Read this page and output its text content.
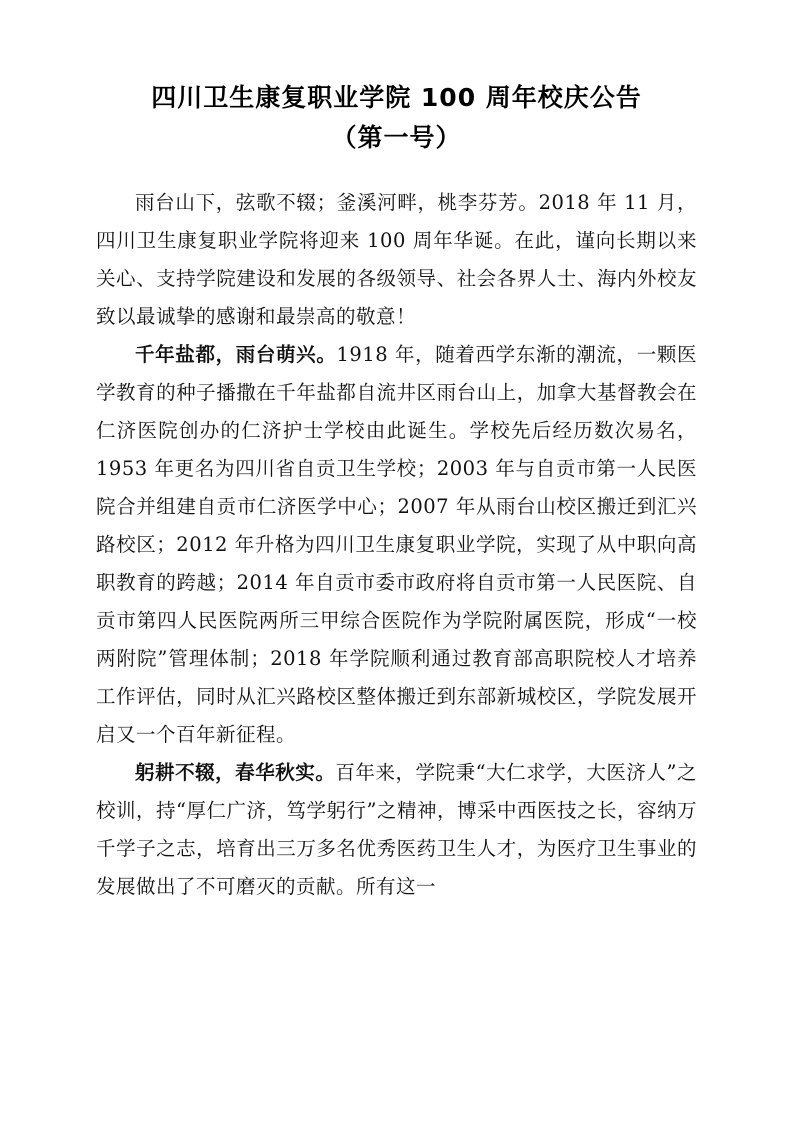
四川卫生康复职业学院 100 周年校庆公告
（第一号）

雨台山下，弦歌不辍；釜溪河畔，桃李芬芳。2018 年 11 月，四川卫生康复职业学院将迎来 100 周年华诞。在此，谨向长期以来关心、支持学院建设和发展的各级领导、社会各界人士、海内外校友致以最诚挚的感谢和最崇高的敬意！

千年盐都，雨台萌兴。1918 年，随着西学东渐的潮流，一颗医学教育的种子播撒在千年盐都自流井区雨台山上，加拿大基督教会在仁济医院创办的仁济护士学校由此诞生。学校先后经历数次易名，1953 年更名为四川省自贡卫生学校；2003 年与自贡市第一人民医院合并组建自贡市仁济医学中心；2007 年从雨台山校区搬迁到汇兴路校区；2012 年升格为四川卫生康复职业学院，实现了从中职向高职教育的跨越；2014 年自贡市委市政府将自贡市第一人民医院、自贡市第四人民医院两所三甲综合医院作为学院附属医院，形成“一校两附院”管理体制；2018 年学院顺利通过教育部高职院校人才培养工作评估，同时从汇兴路校区整体搬迁到东部新城校区，学院发展开启又一个百年新征程。

躬耕不辍，春华秋实。百年来，学院秉“大仁求学，大医济人”之校训，持“厚仁广济，笃学躬行”之精神，博采中西医技之长，容纳万千学子之志，培育出三万多名优秀医药卫生人才，为医疗卫生事业的发展做出了不可磨灭的贡献。所有这一
